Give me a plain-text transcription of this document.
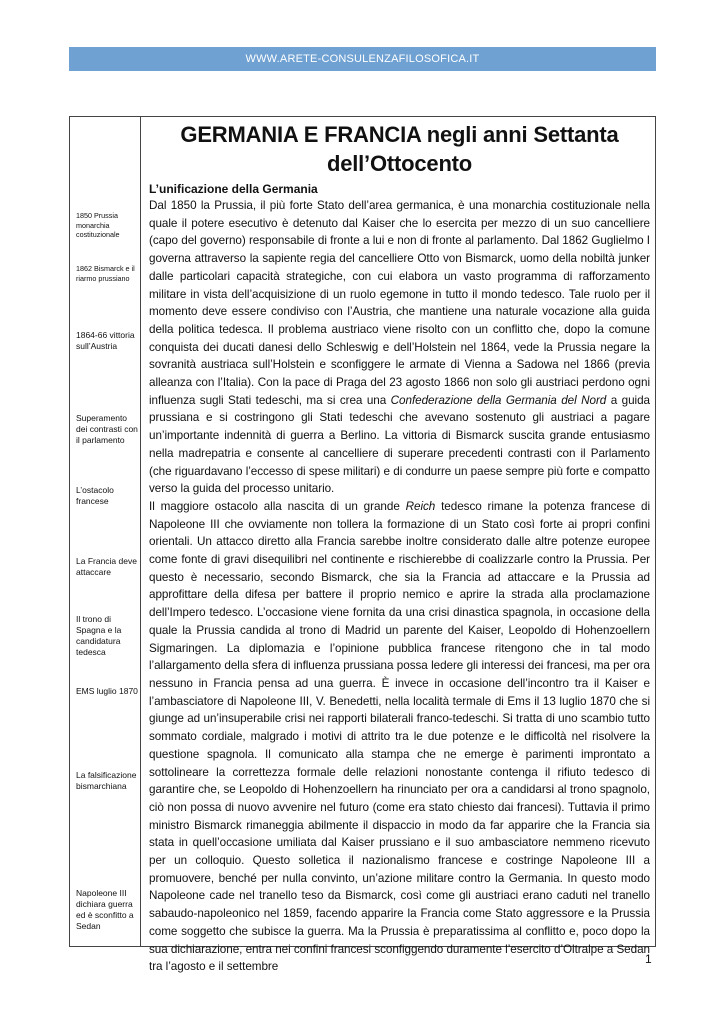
WWW.ARETE-CONSULENZAFILOSOFICA.IT
1850 Prussia monarchia costituzionale
1862 Bismarck e il riarmo prussiano
1864-66 vittoria sull’Austria
Superamento dei contrasti con il parlamento
L’ostacolo francese
La Francia deve attaccare
Il trono di Spagna e la candidatura tedesca
EMS luglio 1870
La falsificazione bismarchiana
Napoleone III dichiara guerra ed è sconfitto a Sedan
GERMANIA E FRANCIA negli anni Settanta dell’Ottocento
L’unificazione della Germania

Dal 1850 la Prussia, il più forte Stato dell’area germanica, è una monarchia costituzionale nella quale il potere esecutivo è detenuto dal Kaiser che lo esercita per mezzo di un suo cancelliere (capo del governo) responsabile di fronte a lui e non di fronte al parlamento. Dal 1862 Guglielmo I governa attraverso la sapiente regia del cancelliere Otto von Bismarck, uomo della nobiltà junker dalle particolari capacità strategiche, con cui elabora un vasto programma di rafforzamento militare in vista dell’acquisizione di un ruolo egemone in tutto il mondo tedesco. Tale ruolo per il momento deve essere condiviso con l’Austria, che mantiene una naturale vocazione alla guida della politica tedesca. Il problema austriaco viene risolto con un conflitto che, dopo la comune conquista dei ducati danesi dello Schleswig e dell’Holstein nel 1864, vede la Prussia negare la sovranità austriaca sull’Holstein e sconfiggere le armate di Vienna a Sadowa nel 1866 (previa alleanza con l’Italia). Con la pace di Praga del 23 agosto 1866 non solo gli austriaci perdono ogni influenza sugli Stati tedeschi, ma si crea una Confederazione della Germania del Nord a guida prussiana e si costringono gli Stati tedeschi che avevano sostenuto gli austriaci a pagare un’importante indennità di guerra a Berlino. La vittoria di Bismarck suscita grande entusiasmo nella madrepatria e consente al cancelliere di superare precedenti contrasti con il Parlamento (che riguardavano l’eccesso di spese militari) e di condurre un paese sempre più forte e compatto verso la guida del processo unitario.

Il maggiore ostacolo alla nascita di un grande Reich tedesco rimane la potenza francese di Napoleone III che ovviamente non tollera la formazione di un Stato così forte ai propri confini orientali. Un attacco diretto alla Francia sarebbe inoltre considerato dalle altre potenze europee come fonte di gravi disequilibri nel continente e rischierebbe di coalizzarle contro la Prussia. Per questo è necessario, secondo Bismarck, che sia la Francia ad attaccare e la Prussia ad approfittare della difesa per battere il proprio nemico e aprire la strada alla proclamazione dell’Impero tedesco. L’occasione viene fornita da una crisi dinastica spagnola, in occasione della quale la Prussia candida al trono di Madrid un parente del Kaiser, Leopoldo di Hohenzoellern Sigmaringen. La diplomazia e l’opinione pubblica francese ritengono che in tal modo l’allargamento della sfera di influenza prussiana possa ledere gli interessi dei francesi, ma per ora nessuno in Francia pensa ad una guerra. È invece in occasione dell’incontro tra il Kaiser e l’ambasciatore di Napoleone III, V. Benedetti, nella località termale di Ems il 13 luglio 1870 che si giunge ad un’insuperabile crisi nei rapporti bilaterali franco-tedeschi. Si tratta di uno scambio tutto sommato cordiale, malgrado i motivi di attrito tra le due potenze e le difficoltà nel risolvere la questione spagnola. Il comunicato alla stampa che ne emerge è parimenti improntato a sottolineare la correttezza formale delle relazioni nonostante contenga il rifiuto tedesco di garantire che, se Leopoldo di Hohenzoellern ha rinunciato per ora a candidarsi al trono spagnolo, ciò non possa di nuovo avvenire nel futuro (come era stato chiesto dai francesi). Tuttavia il primo ministro Bismarck rimaneggia abilmente il dispaccio in modo da far apparire che la Francia sia stata in quell’occasione umiliata dal Kaiser prussiano e il suo ambasciatore nemmeno ricevuto per un colloquio. Questo solletica il nazionalismo francese e costringe Napoleone III a promuovere, benché per nulla convinto, un’azione militare contro la Germania. In questo modo Napoleone cade nel tranello teso da Bismarck, così come gli austriaci erano caduti nel tranello sabaudo-napoleonico nel 1859, facendo apparire la Francia come Stato aggressore e la Prussia come soggetto che subisce la guerra. Ma la Prussia è preparatissima al conflitto e, poco dopo la sua dichiarazione, entra nei confini francesi sconfiggendo duramente l’esercito d’Oltralpe a Sedan tra l’agosto e il settembre

1
